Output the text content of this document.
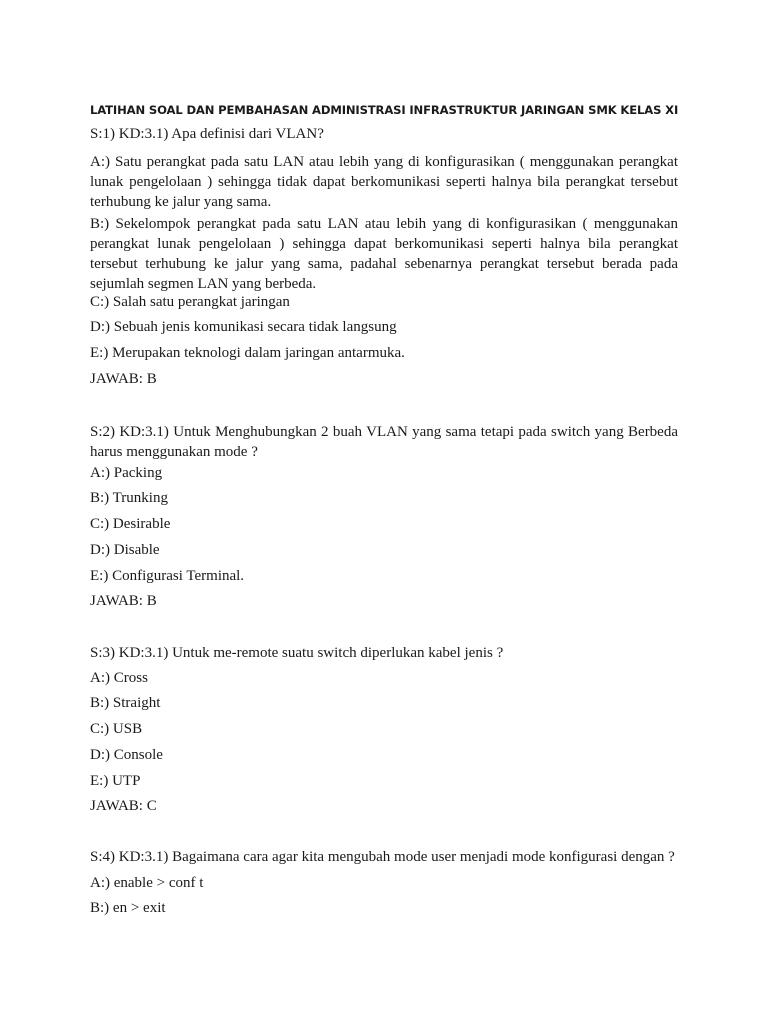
LATIHAN SOAL DAN PEMBAHASAN ADMINISTRASI INFRASTRUKTUR JARINGAN SMK KELAS XI
S:1) KD:3.1) Apa definisi dari VLAN?
A:) Satu perangkat pada satu LAN atau lebih yang di konfigurasikan ( menggunakan perangkat lunak pengelolaan ) sehingga tidak dapat berkomunikasi seperti halnya bila perangkat tersebut terhubung ke jalur yang sama.
B:) Sekelompok perangkat pada satu LAN atau lebih yang di konfigurasikan ( menggunakan perangkat lunak pengelolaan ) sehingga dapat berkomunikasi seperti halnya bila perangkat tersebut terhubung ke jalur yang sama, padahal sebenarnya perangkat tersebut berada pada sejumlah segmen LAN yang berbeda.
C:) Salah satu perangkat jaringan
D:) Sebuah jenis komunikasi secara tidak langsung
E:) Merupakan teknologi dalam jaringan antarmuka.
JAWAB: B
S:2) KD:3.1) Untuk Menghubungkan 2 buah VLAN yang sama tetapi pada switch yang Berbeda harus menggunakan mode ?
A:) Packing
B:) Trunking
C:) Desirable
D:) Disable
E:) Configurasi Terminal.
JAWAB: B
S:3) KD:3.1) Untuk me-remote suatu switch diperlukan kabel jenis ?
A:) Cross
B:) Straight
C:) USB
D:) Console
E:) UTP
JAWAB: C
S:4) KD:3.1) Bagaimana cara agar kita mengubah mode user menjadi mode konfigurasi dengan ?
A:) enable > conf t
B:) en > exit
